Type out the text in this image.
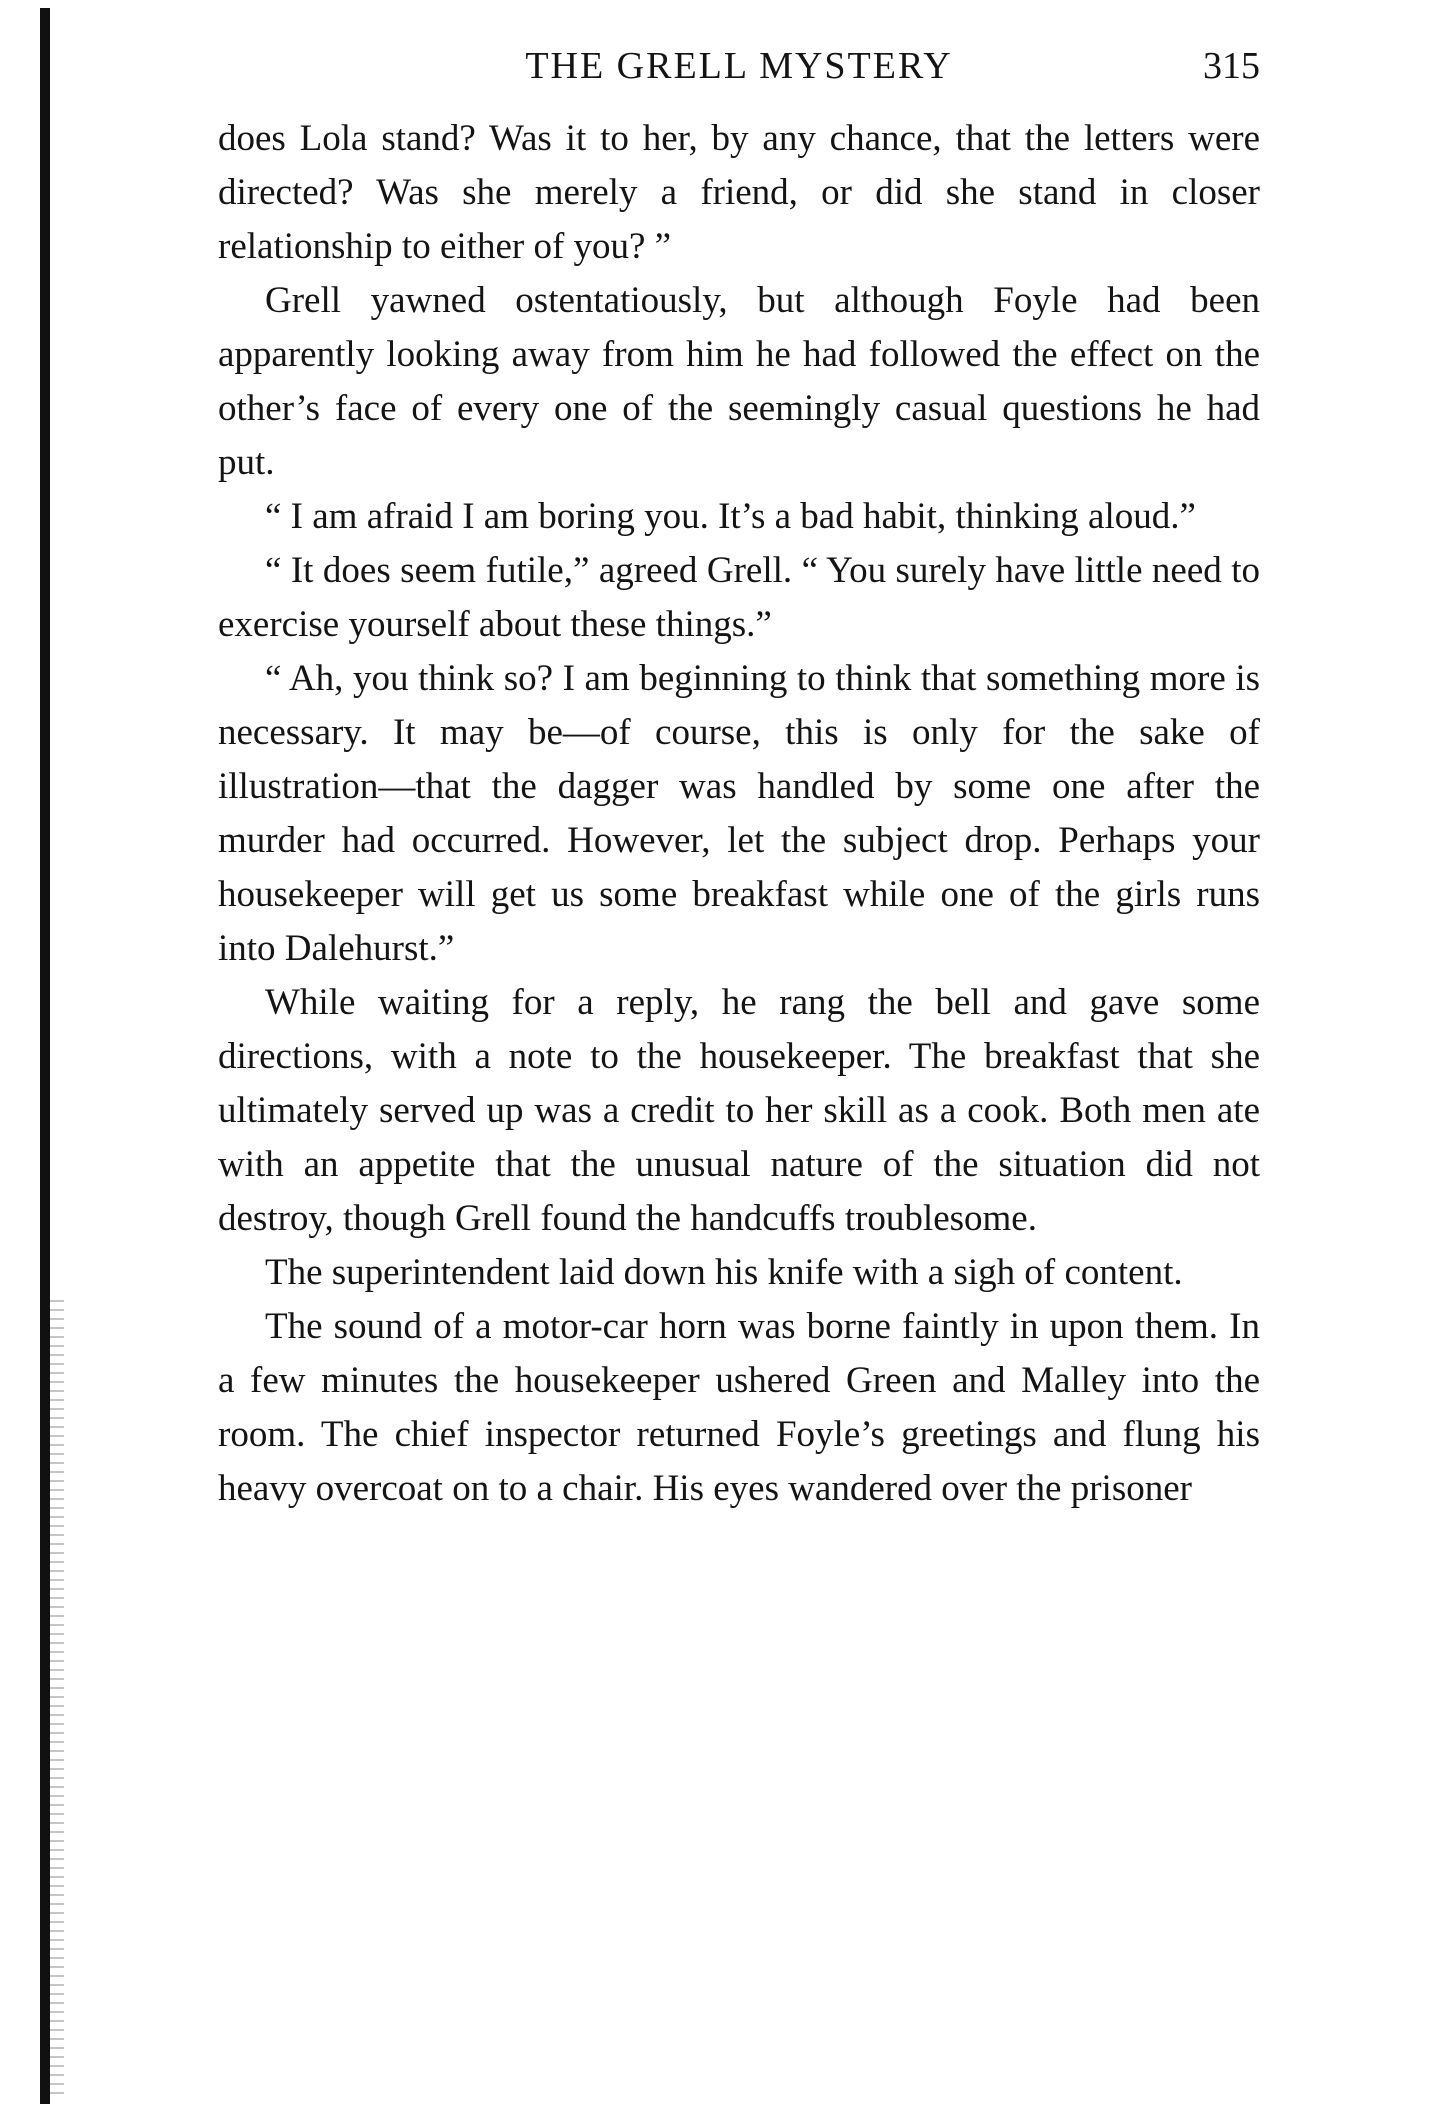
THE GRELL MYSTERY	315

does Lola stand? Was it to her, by any chance, that the letters were directed? Was she merely a friend, or did she stand in closer relationship to either of you? ”

Grell yawned ostentatiously, but although Foyle had been apparently looking away from him he had followed the effect on the other’s face of every one of the seemingly casual questions he had put.

“ I am afraid I am boring you. It’s a bad habit, thinking aloud.”

“ It does seem futile,” agreed Grell. “ You surely have little need to exercise yourself about these things.”

“ Ah, you think so? I am beginning to think that something more is necessary. It may be—of course, this is only for the sake of illustration—that the dagger was handled by some one after the murder had occurred. However, let the subject drop. Perhaps your housekeeper will get us some breakfast while one of the girls runs into Dalehurst.”

While waiting for a reply, he rang the bell and gave some directions, with a note to the housekeeper. The breakfast that she ultimately served up was a credit to her skill as a cook. Both men ate with an appetite that the unusual nature of the situation did not destroy, though Grell found the handcuffs troublesome.

The superintendent laid down his knife with a sigh of content.

The sound of a motor-car horn was borne faintly in upon them. In a few minutes the housekeeper ushered Green and Malley into the room. The chief inspector returned Foyle’s greetings and flung his heavy overcoat on to a chair. His eyes wandered over the prisoner
